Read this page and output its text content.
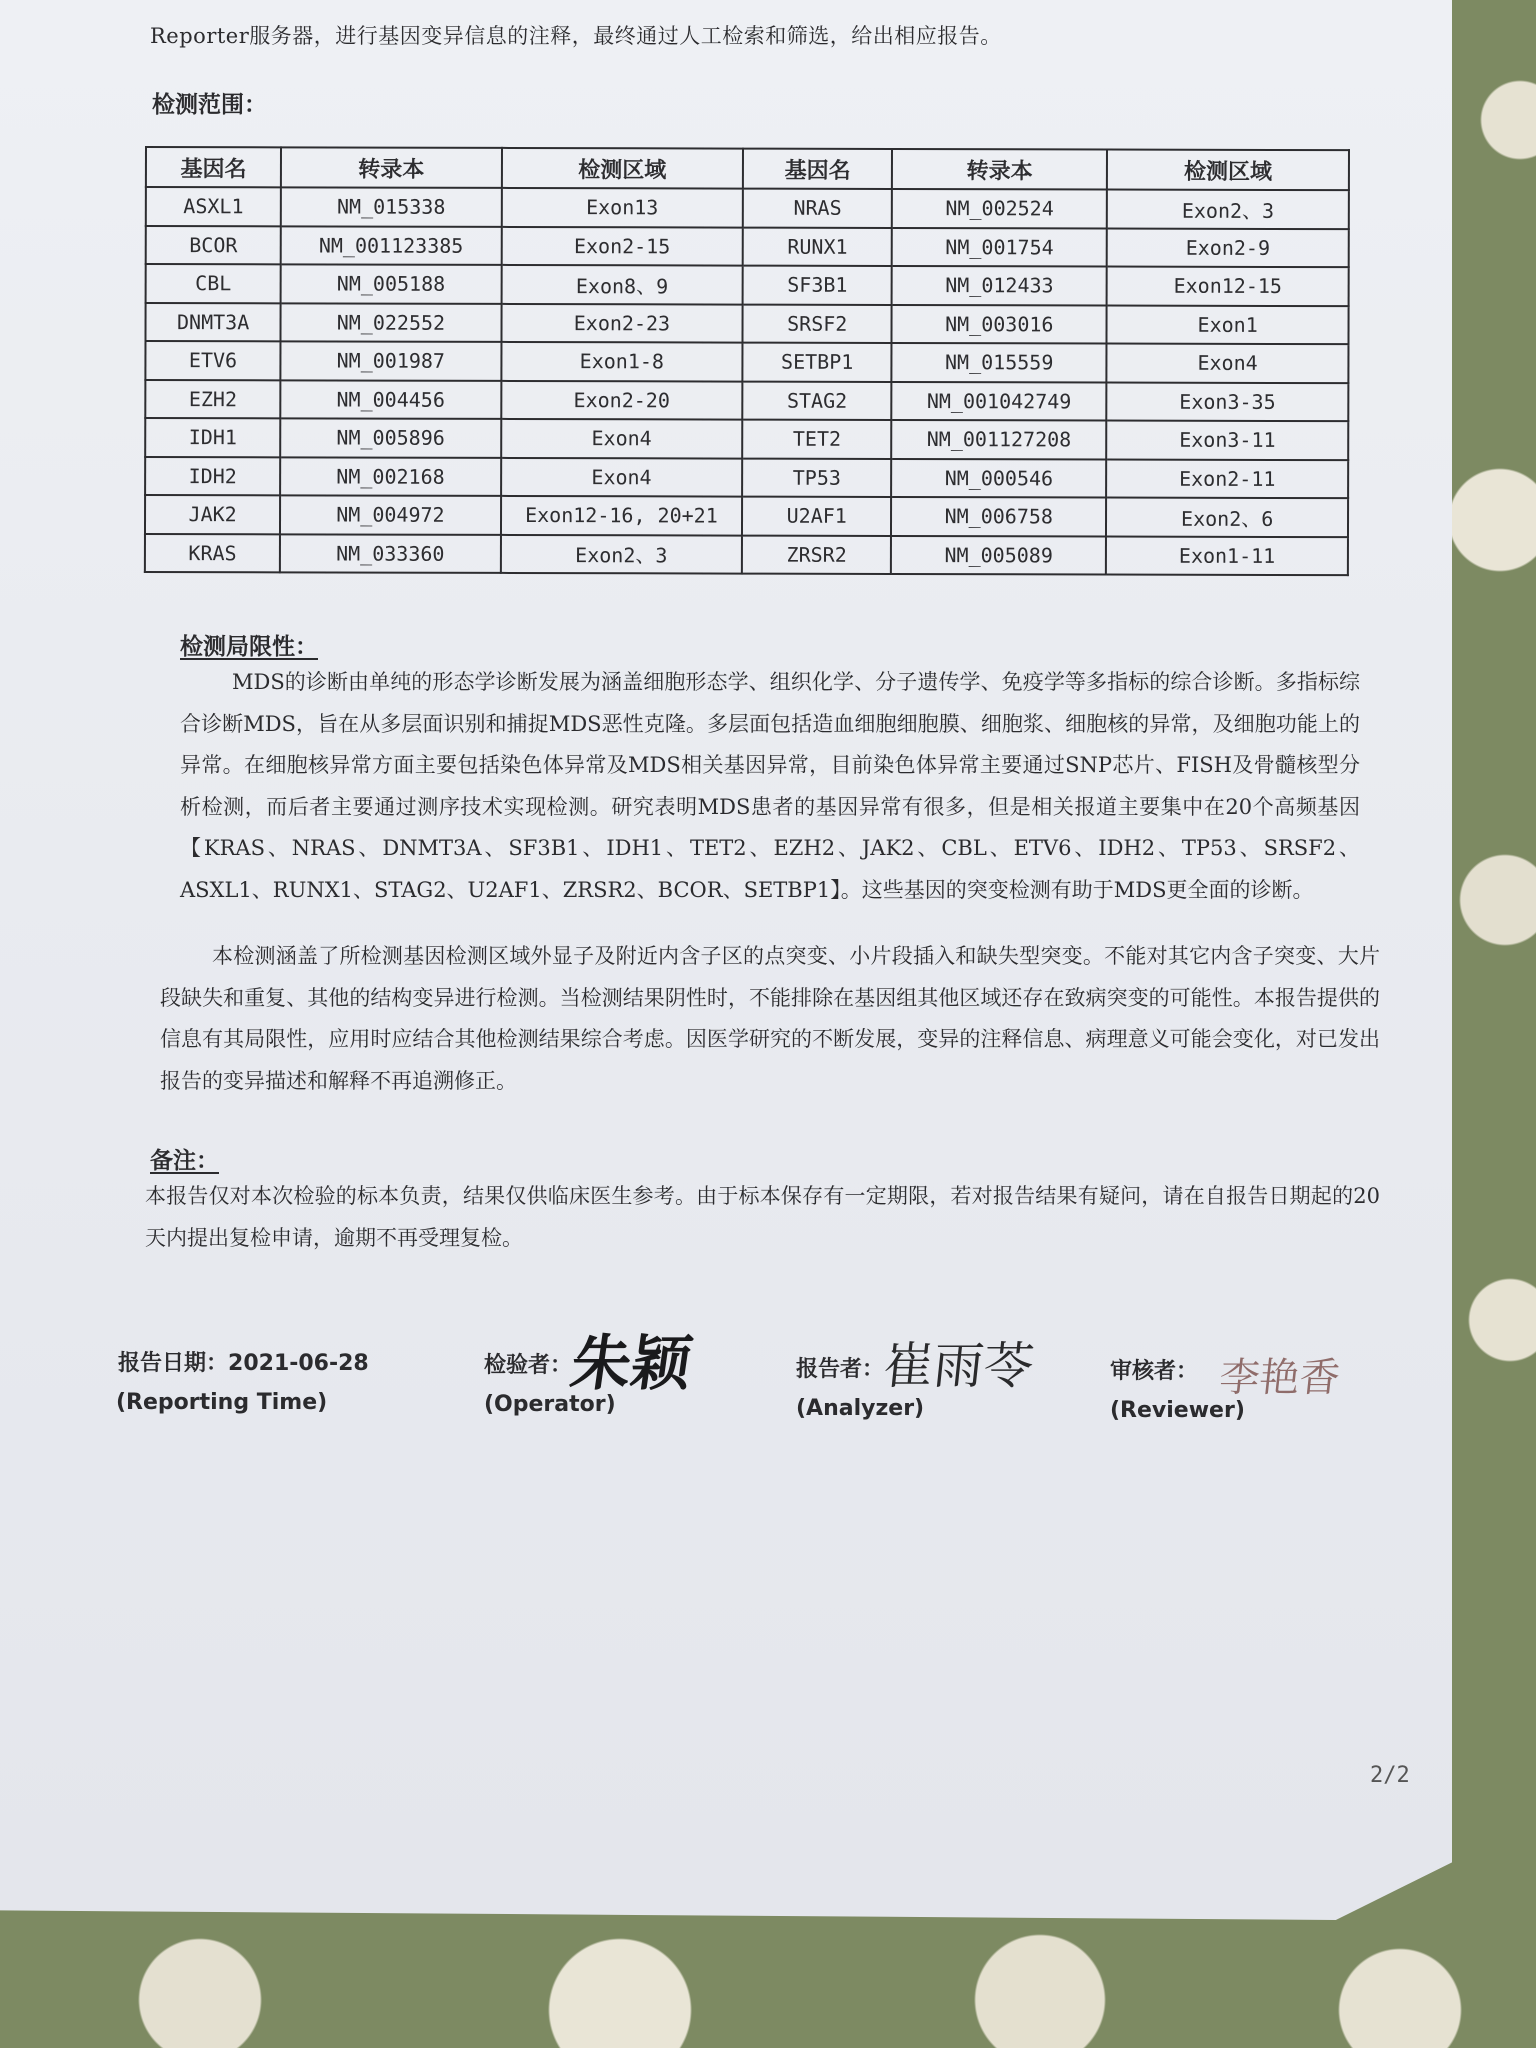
Reporter服务器，进行基因变异信息的注释，最终通过人工检索和筛选，给出相应报告。
检测范围：
基因名	转录本	检测区域	基因名	转录本	检测区域
ASXL1	NM_015338	Exon13	NRAS	NM_002524	Exon2、3
BCOR	NM_001123385	Exon2-15	RUNX1	NM_001754	Exon2-9
CBL	NM_005188	Exon8、9	SF3B1	NM_012433	Exon12-15
DNMT3A	NM_022552	Exon2-23	SRSF2	NM_003016	Exon1
ETV6	NM_001987	Exon1-8	SETBP1	NM_015559	Exon4
EZH2	NM_004456	Exon2-20	STAG2	NM_001042749	Exon3-35
IDH1	NM_005896	Exon4	TET2	NM_001127208	Exon3-11
IDH2	NM_002168	Exon4	TP53	NM_000546	Exon2-11
JAK2	NM_004972	Exon12-16, 20+21	U2AF1	NM_006758	Exon2、6
KRAS	NM_033360	Exon2、3	ZRSR2	NM_005089	Exon1-11
检测局限性：
MDS的诊断由单纯的形态学诊断发展为涵盖细胞形态学、组织化学、分子遗传学、免疫学等多指标的综合诊断。多指标综合诊断MDS，旨在从多层面识别和捕捉MDS恶性克隆。多层面包括造血细胞细胞膜、细胞浆、细胞核的异常，及细胞功能上的异常。在细胞核异常方面主要包括染色体异常及MDS相关基因异常，目前染色体异常主要通过SNP芯片、FISH及骨髓核型分析检测，而后者主要通过测序技术实现检测。研究表明MDS患者的基因异常有很多，但是相关报道主要集中在20个高频基因【KRAS、NRAS、DNMT3A、SF3B1、IDH1、TET2、EZH2、JAK2、CBL、ETV6、IDH2、TP53、SRSF2、ASXL1、RUNX1、STAG2、U2AF1、ZRSR2、BCOR、SETBP1】。这些基因的突变检测有助于MDS更全面的诊断。
本检测涵盖了所检测基因检测区域外显子及附近内含子区的点突变、小片段插入和缺失型突变。不能对其它内含子突变、大片段缺失和重复、其他的结构变异进行检测。当检测结果阴性时，不能排除在基因组其他区域还存在致病突变的可能性。本报告提供的信息有其局限性，应用时应结合其他检测结果综合考虑。因医学研究的不断发展，变异的注释信息、病理意义可能会变化，对已发出报告的变异描述和解释不再追溯修正。
备注：
本报告仅对本次检验的标本负责，结果仅供临床医生参考。由于标本保存有一定期限，若对报告结果有疑问，请在自报告日期起的20天内提出复检申请，逾期不再受理复检。
报告日期：2021-06-28
(Reporting Time)
检验者：
(Operator)
朱颖	报告者：
(Analyzer)
崔雨苓	审核者：
(Reviewer)
李艳香
2/2
